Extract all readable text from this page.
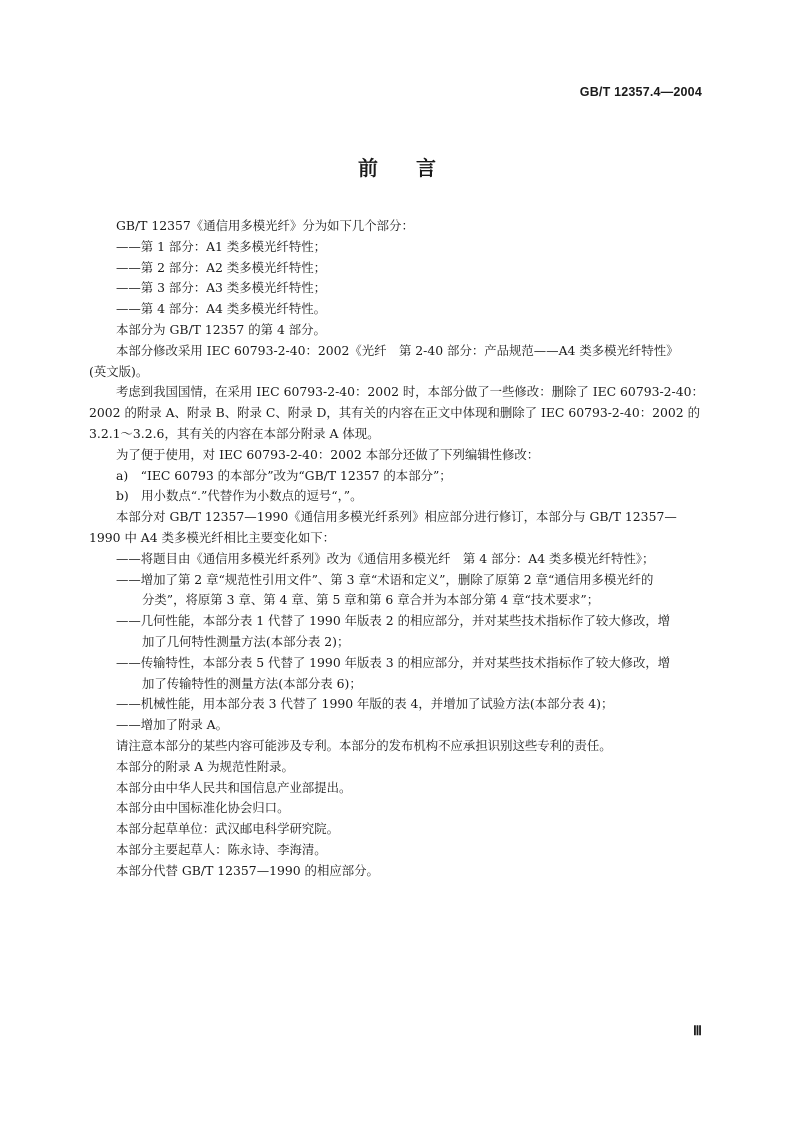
GB/T 12357.4—2004
前 言
GB/T 12357《通信用多模光纤》分为如下几个部分：
——第 1 部分：A1 类多模光纤特性；
——第 2 部分：A2 类多模光纤特性；
——第 3 部分：A3 类多模光纤特性；
——第 4 部分：A4 类多模光纤特性。
本部分为 GB/T 12357 的第 4 部分。
本部分修改采用 IEC 60793-2-40：2002《光纤　第 2-40 部分：产品规范——A4 类多模光纤特性》
(英文版)。
考虑到我国国情，在采用 IEC 60793-2-40：2002 时，本部分做了一些修改：删除了 IEC 60793-2-40：
2002 的附录 A、附录 B、附录 C、附录 D，其有关的内容在正文中体现和删除了 IEC 60793-2-40：2002 的
3.2.1～3.2.6，其有关的内容在本部分附录 A 体现。
为了便于使用，对 IEC 60793-2-40：2002 本部分还做了下列编辑性修改：
a)　“IEC 60793 的本部分”改为“GB/T 12357 的本部分”；
b)　用小数点“.”代替作为小数点的逗号“，”。
本部分对 GB/T 12357—1990《通信用多模光纤系列》相应部分进行修订，本部分与 GB/T 12357—
1990 中 A4 类多模光纤相比主要变化如下：
——将题目由《通信用多模光纤系列》改为《通信用多模光纤　第 4 部分：A4 类多模光纤特性》；
——增加了第 2 章“规范性引用文件”、第 3 章“术语和定义”，删除了原第 2 章“通信用多模光纤的
分类”，将原第 3 章、第 4 章、第 5 章和第 6 章合并为本部分第 4 章“技术要求”；
——几何性能，本部分表 1 代替了 1990 年版表 2 的相应部分，并对某些技术指标作了较大修改，增
加了几何特性测量方法(本部分表 2)；
——传输特性，本部分表 5 代替了 1990 年版表 3 的相应部分，并对某些技术指标作了较大修改，增
加了传输特性的测量方法(本部分表 6)；
——机械性能，用本部分表 3 代替了 1990 年版的表 4，并增加了试验方法(本部分表 4)；
——增加了附录 A。
请注意本部分的某些内容可能涉及专利。本部分的发布机构不应承担识别这些专利的责任。
本部分的附录 A 为规范性附录。
本部分由中华人民共和国信息产业部提出。
本部分由中国标准化协会归口。
本部分起草单位：武汉邮电科学研究院。
本部分主要起草人：陈永诗、李海清。
本部分代替 GB/T 12357—1990 的相应部分。
Ⅲ
